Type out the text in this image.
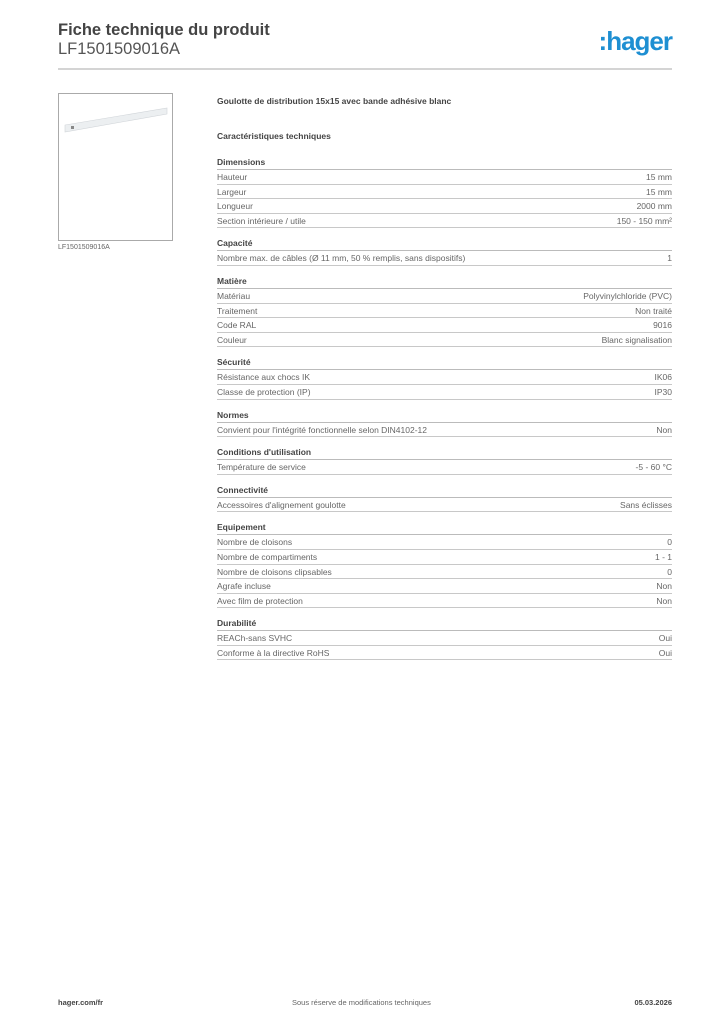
Fiche technique du produit
LF1501509016A	:hager
LF1501509016A
Goulotte de distribution 15x15 avec bande adhésive blanc
Caractéristiques techniques
Dimensions
Hauteur	15 mm
Largeur	15 mm
Longueur	2000 mm
Section intérieure / utile	150 - 150 mm²
Capacité
Nombre max. de câbles (Ø 11 mm, 50 % remplis, sans dispositifs)	1
Matière
Matériau	Polyvinylchloride (PVC)
Traitement	Non traité
Code RAL	9016
Couleur	Blanc signalisation
Sécurité
Résistance aux chocs IK	IK06
Classe de protection (IP)	IP30
Normes
Convient pour l'intégrité fonctionnelle selon DIN4102-12	Non
Conditions d'utilisation
Température de service	-5 - 60 °C
Connectivité
Accessoires d'alignement goulotte	Sans éclisses
Equipement
Nombre de cloisons	0
Nombre de compartiments	1 - 1
Nombre de cloisons clipsables	0
Agrafe incluse	Non
Avec film de protection	Non
Durabilité
REACh-sans SVHC	Oui
Conforme à la directive RoHS	Oui
hager.com/fr	Sous réserve de modifications techniques	05.03.2026
